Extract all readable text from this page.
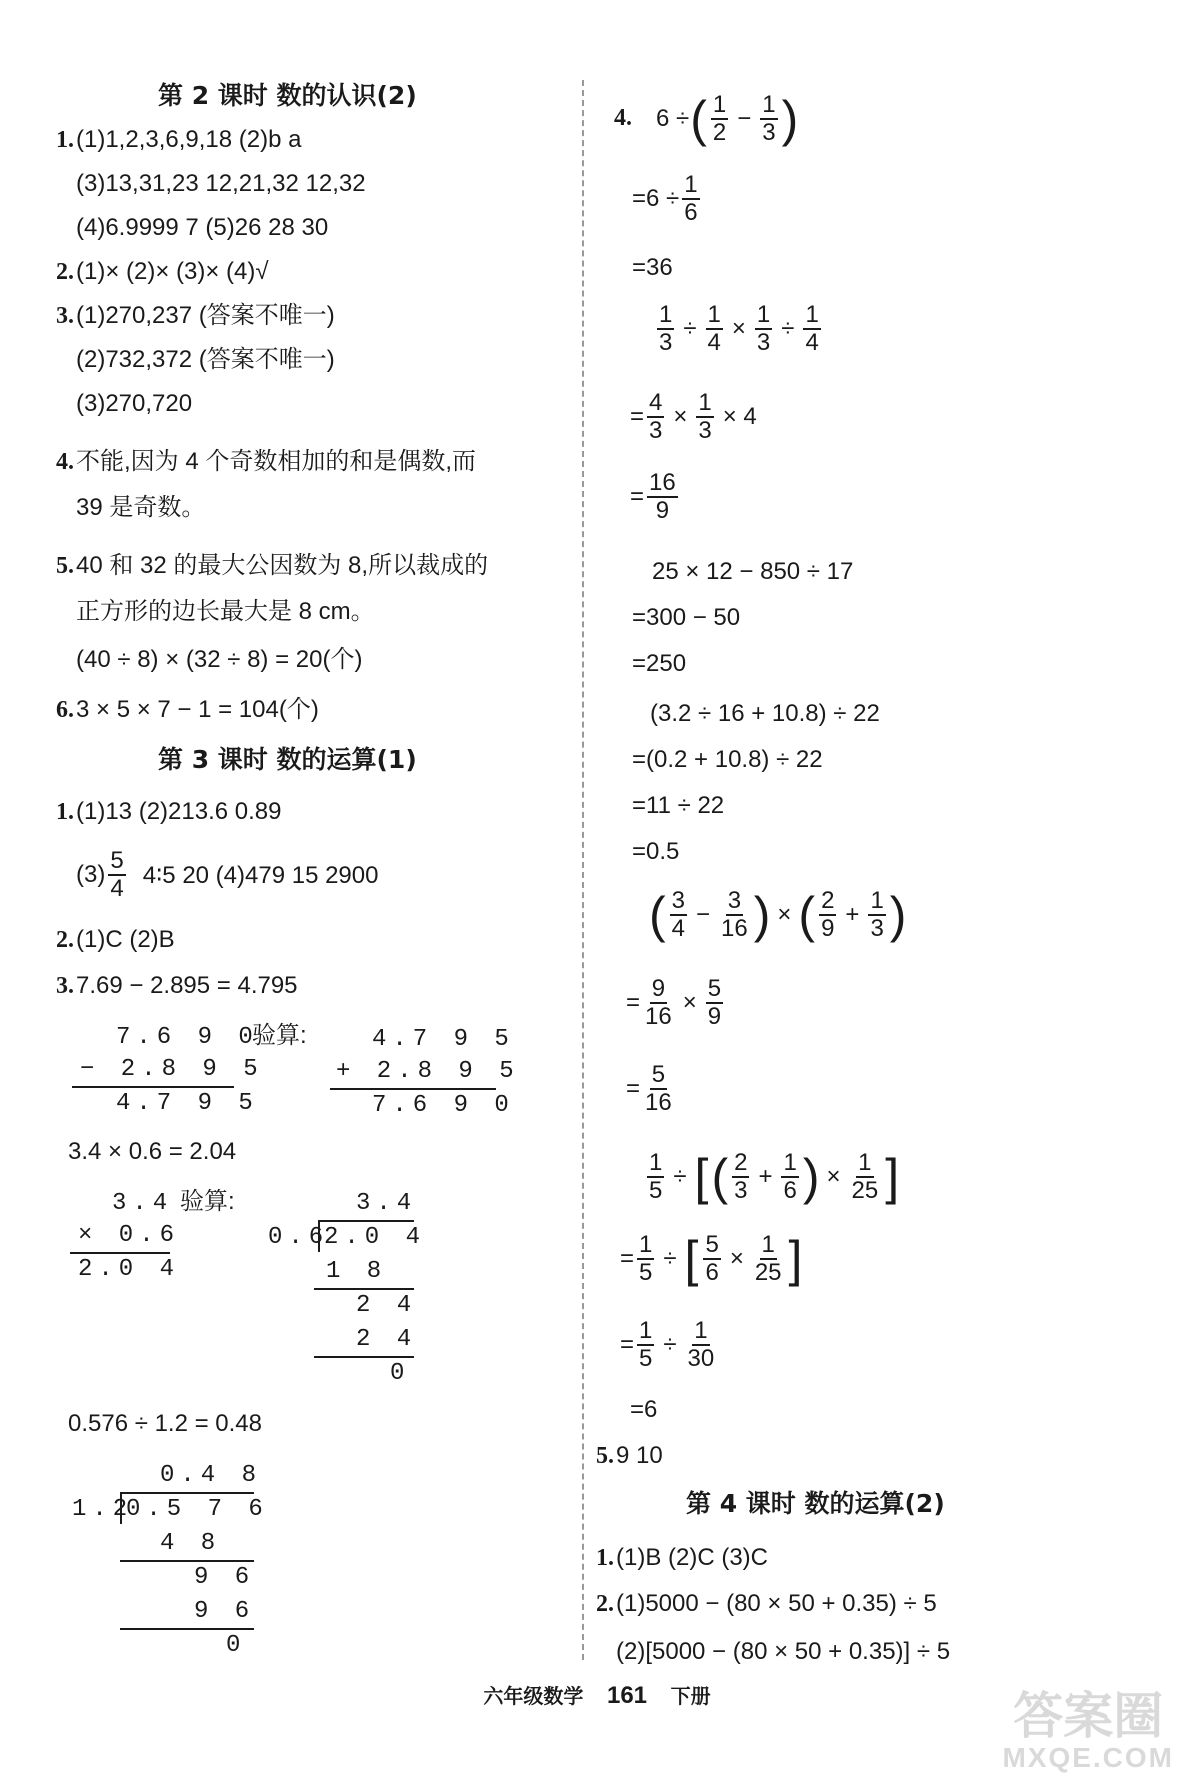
第 2 课时 数的认识(2)
1. (1)1,2,3,6,9,18 (2)b a
(3)13,31,23 12,21,32 12,32
(4)6.9999 7 (5)26 28 30
2. (1)× (2)× (3)× (4)√
3. (1)270,237 (答案不唯一)
(2)732,372 (答案不唯一)
(3)270,720
4. 不能,因为 4 个奇数相加的和是偶数,而
39 是奇数。
5. 40 和 32 的最大公因数为 8,所以裁成的
正方形的边长最大是 8 cm。
(40 ÷ 8) × (32 ÷ 8) = 20(个)
6. 3 × 5 × 7 − 1 = 104(个)
第 3 课时 数的运算(1)
1. (1)13 (2)213.6 0.89
$(3) \frac{5}{4}$ 4∶5 20 (4)479 15 2900
2. (1)C (2)B
3. 7.69 − 2.895 = 4.795
7.6 9 0
− 2.8 9 5
4.7 9 5
验算:	4.7 9 5
+ 2.8 9 5
7.6 9 0
3.4 × 0.6 = 2.04
3.4
× 0.6
2.0 4
验算:	3.4
0.6
2.0 4
1 8
2 4
2 4
0
0.576 ÷ 1.2 = 0.48
0.4 8
1.2
0.5 7 6
4 8
9 6
9 6
0
4. 6 ÷ ( $\frac{1}{2} - \frac{1}{3}$ )
$=6 \div \frac{1}{6}$
=36
$\frac{1}{3} \div \frac{1}{4} \times \frac{1}{3} \div \frac{1}{4}$
= $\frac{4}{3} \times \frac{1}{3} \times 4$
= $\frac{16}{9}$
25 × 12 − 850 ÷ 17
=300 − 50
=250
(3.2 ÷ 16 + 10.8) ÷ 22
=(0.2 + 10.8) ÷ 22
=11 ÷ 22
=0.5
( $\frac{3}{4} - \frac{3}{16}$ ) × ( $\frac{2}{9} + \frac{1}{3}$ )
= $\frac{9}{16} \times \frac{5}{9}$
= $\frac{5}{16}$
$\frac{1}{5}$ ÷ [ ( $\frac{2}{3} + \frac{1}{6}$ ) × $\frac{1}{25}$ ]
= $\frac{1}{5}$ ÷ [ $\frac{5}{6} \times \frac{1}{25}$ ]
= $\frac{1}{5} \div \frac{1}{30}$
=6
5. 9 10
第 4 课时 数的运算(2)
1. (1)B (2)C (3)C
2. (1)5000 − (80 × 50 + 0.35) ÷ 5
(2)[5000 − (80 × 50 + 0.35)] ÷ 5
六年级数学 161 下册	答案圈
MXQE.COM
